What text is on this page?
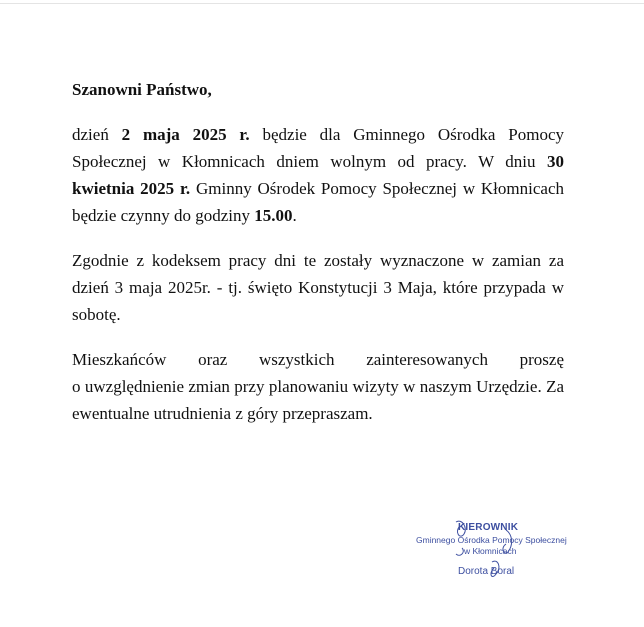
Szanowni Państwo,

dzień 2 maja 2025 r. będzie dla Gminnego Ośrodka Pomocy Społecznej w Kłomnicach dniem wolnym od pracy. W dniu 30 kwietnia 2025 r. Gminny Ośrodek Pomocy Społecznej w Kłomnicach będzie czynny do godziny 15.00.

Zgodnie z kodeksem pracy dni te zostały wyznaczone w zamian za dzień 3 maja 2025r. - tj. święto Konstytucji 3 Maja, które przypada w sobotę.

Mieszkańców oraz wszystkich zainteresowanych proszę
o uwzględnienie zmian przy planowaniu wizyty w naszym Urzędzie. Za ewentualne utrudnienia z góry przepraszam.

KIEROWNIK
Gminnego Ośrodka Pomocy Społecznej
w Kłomnicach
Dorota Boral
